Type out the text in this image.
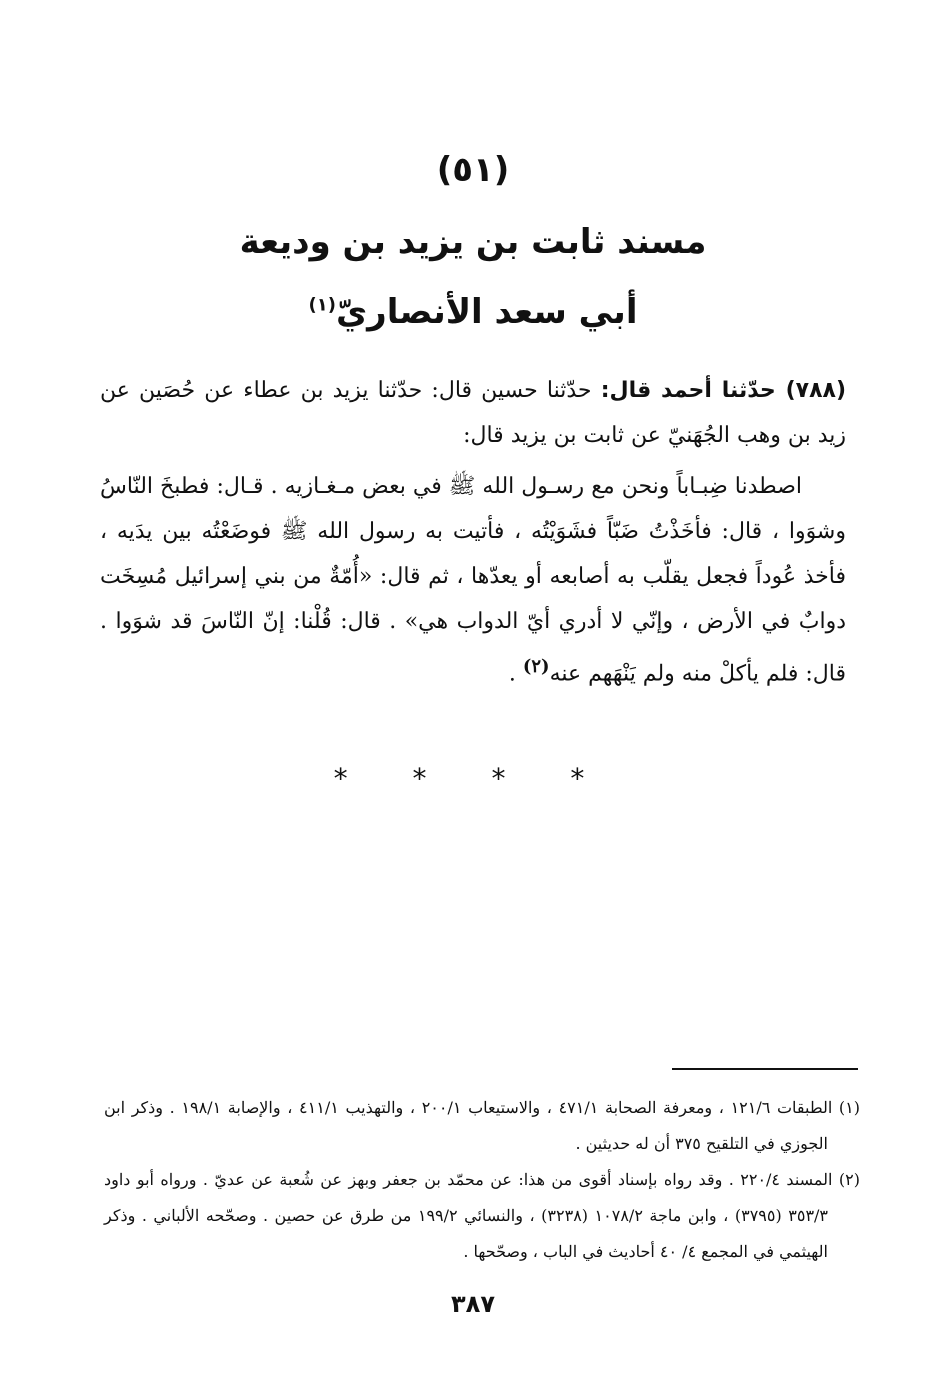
(٥١)
مسند ثابت بن يزيد بن وديعة
أبي سعد الأنصاريّ$^{(١)}$

(٧٨٨) حدّثنا أحمد قال: حدّثنا حسين قال: حدّثنا يزيد بن عطاء عن حُصَين عن زيد بن وهب الجُهَنيّ عن ثابت بن يزيد قال:

اصطدنا ضِبـاباً ونحن مع رسـول الله ﷺ في بعض مـغـازيه . قـال: فطبخَ النّاسُ وشوَوا ، قال: فأخَذْتُ ضَبّاً فشَوَيْتُه ، فأتيت به رسول الله ﷺ فوضَعْتُه بين يدَيه ، فأخذ عُوداً فجعل يقلّب به أصابعه أو يعدّها ، ثم قال: «أُمّةٌ من بني إسرائيل مُسِخَت دوابٌ في الأرض ، وإنّي لا أدري أيّ الدواب هي» . قال: قُلْنا: إنّ النّاسَ قد شوَوا . قال: فلم يأكلْ منه ولم يَنْهَهم عنه$^{(٢)}$ .

* * * *

(١) الطبقات ١٢١/٦ ، ومعرفة الصحابة ٤٧١/١ ، والاستيعاب ٢٠٠/١ ، والتهذيب ٤١١/١ ، والإصابة ١٩٨/١ . وذكر ابن الجوزي في التلقيح ٣٧٥ أن له حديثين .

(٢) المسند ٢٢٠/٤ . وقد رواه بإسناد أقوى من هذا: عن محمّد بن جعفر وبهز عن شُعبة عن عديّ . ورواه أبو داود ٣٥٣/٣ (٣٧٩٥) ، وابن ماجة ١٠٧٨/٢ (٣٢٣٨) ، والنسائي ١٩٩/٢ من طرق عن حصين . وصحّحه الألباني . وذكر الهيثمي في المجمع ٤/ ٤٠ أحاديث في الباب ، وصحّحها .

٣٨٧
